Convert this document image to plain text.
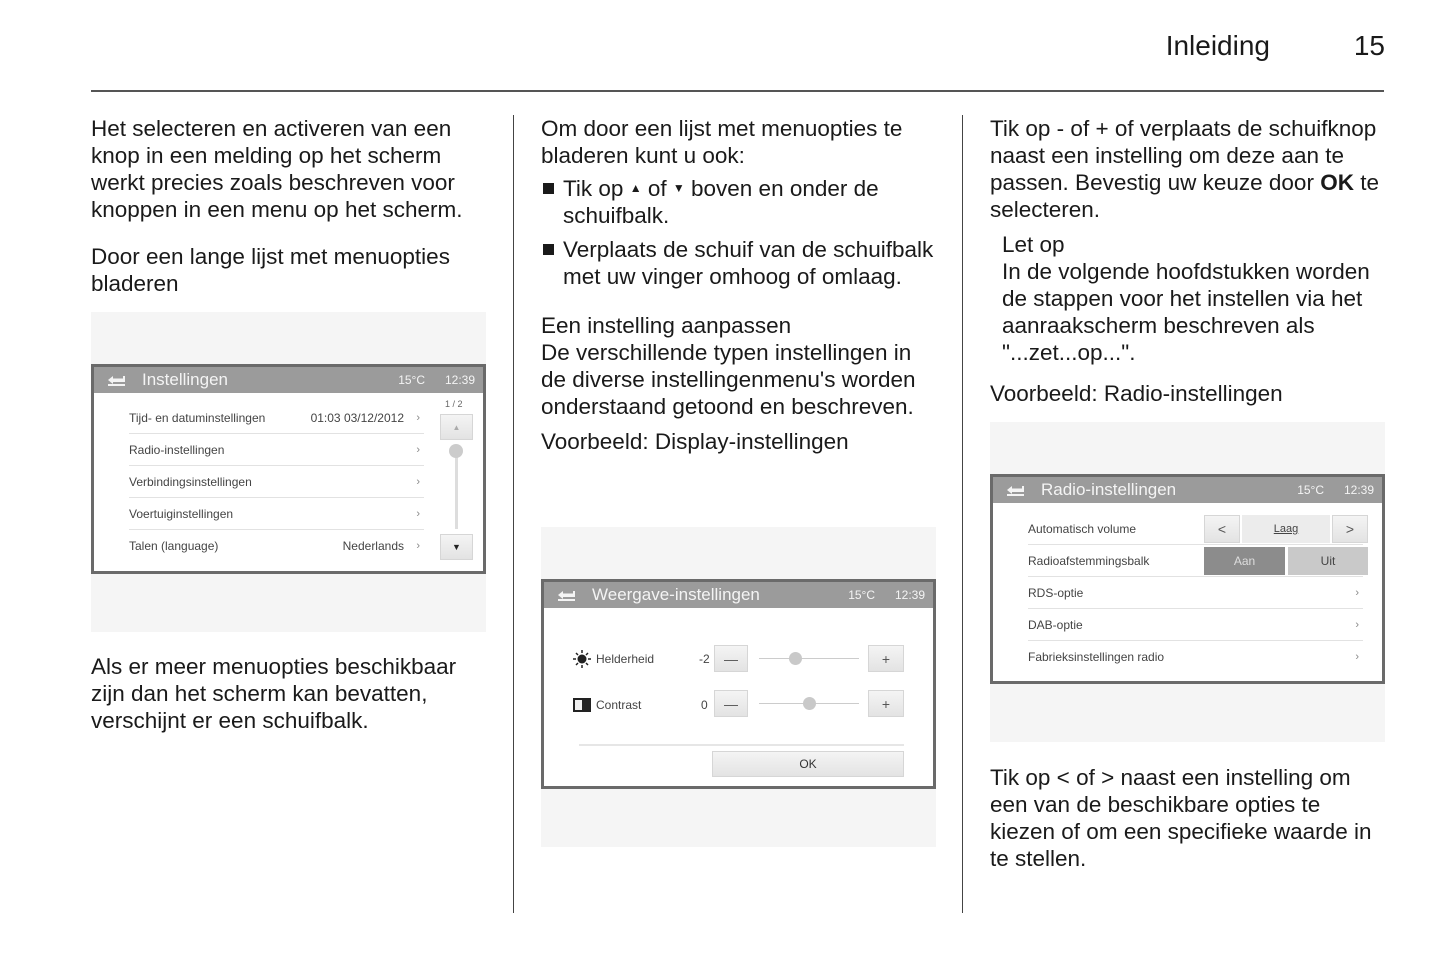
Inleiding	15

Het selecteren en activeren van een knop in een melding op het scherm werkt precies zoals beschreven voor knoppen in een menu op het scherm.

Door een lange lijst met menuopties bladeren

Instellingen	15°C 12:39
Tijd- en datuminstellingen	01:03 03/12/2012 ›
Radio-instellingen	›
Verbindingsinstellingen	›
Voertuiginstellingen	›
Talen (language)	Nederlands ›
1 / 2
▲
▼

Als er meer menuopties beschikbaar zijn dan het scherm kan bevatten, verschijnt er een schuifbalk.

Om door een lijst met menuopties te bladeren kunt u ook:

Tik op ▲ of ▼ boven en onder de schuifbalk.
Verplaats de schuif van de schuifbalk met uw vinger omhoog of omlaag.

Een instelling aanpassen

De verschillende typen instellingen in de diverse instellingenmenu's worden onderstaand getoond en beschreven.

Voorbeeld: Display-instellingen

Weergave-instellingen	15°C 12:39
Helderheid	-2 —	+
Contrast	0 —	+
OK

Tik op - of + of verplaats de schuifknop naast een instelling om deze aan te passen. Bevestig uw keuze door OK te selecteren.

Let op

In de volgende hoofdstukken worden de stappen voor het instellen via het aanraakscherm beschreven als "...zet...op...".

Voorbeeld: Radio-instellingen

Radio-instellingen	15°C 12:39
Automatisch volume	<	Laag	>
Radioafstemmingsbalk	Aan	Uit
RDS-optie	›
DAB-optie	›
Fabrieksinstellingen radio	›

Tik op < of > naast een instelling om een van de beschikbare opties te kiezen of om een specifieke waarde in te stellen.
